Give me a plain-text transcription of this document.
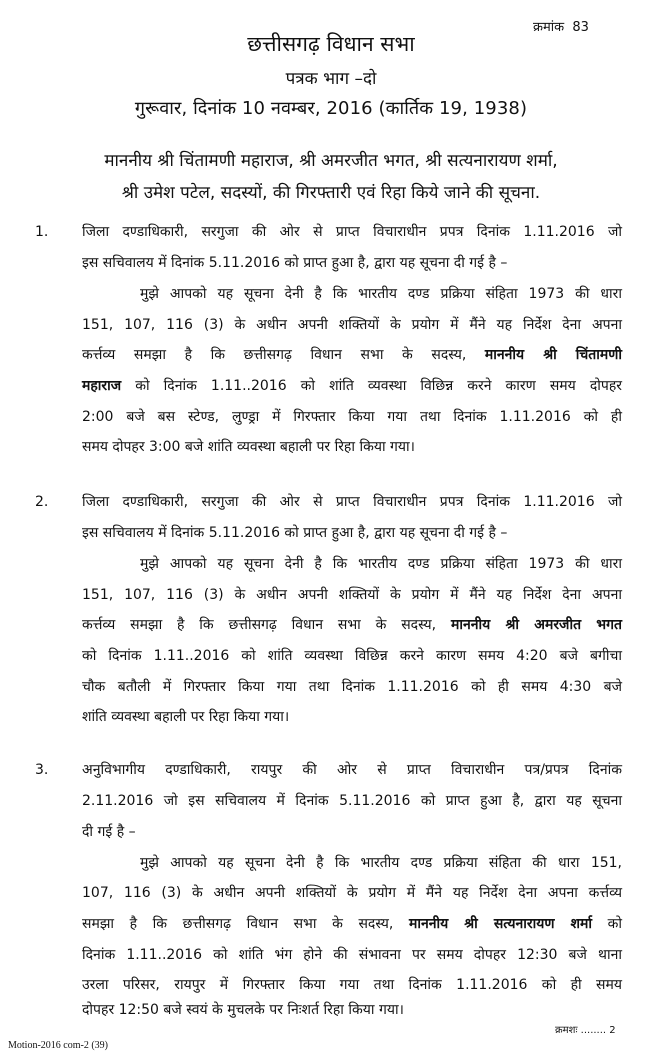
क्रमांक 83
छत्तीसगढ़ विधान सभा
पत्रक भाग –दो
गुरूवार, दिनांक 10 नवम्बर, 2016 (कार्तिक 19, 1938)
माननीय श्री चिंतामणी महाराज, श्री अमरजीत भगत, श्री सत्यनारायण शर्मा,
श्री उमेश पटेल, सदस्यों, की गिरफ्तारी एवं रिहा किये जाने की सूचना.
1. जिला दण्डाधिकारी, सरगुजा की ओर से प्राप्त विचाराधीन प्रपत्र दिनांक 1.11.2016 जो
इस सचिवालय में दिनांक 5.11.2016 को प्राप्त हुआ है, द्वारा यह सूचना दी गई है –
मुझे आपको यह सूचना देनी है कि भारतीय दण्ड प्रक्रिया संहिता 1973 की धारा
151, 107, 116 (3) के अधीन अपनी शक्तियों के प्रयोग में मैंने यह निर्देश देना अपना
कर्त्तव्य समझा है कि छत्तीसगढ़ विधान सभा के सदस्य, माननीय श्री चिंतामणी
महाराज को दिनांक 1.11..2016 को शांति व्यवस्था विछिन्न करने कारण समय दोपहर
2:00 बजे बस स्टेण्ड, लुण्ड्रा में गिरफ्तार किया गया तथा दिनांक 1.11.2016 को ही
समय दोपहर 3:00 बजे शांति व्यवस्था बहाली पर रिहा किया गया।
2. जिला दण्डाधिकारी, सरगुजा की ओर से प्राप्त विचाराधीन प्रपत्र दिनांक 1.11.2016 जो
इस सचिवालय में दिनांक 5.11.2016 को प्राप्त हुआ है, द्वारा यह सूचना दी गई है –
मुझे आपको यह सूचना देनी है कि भारतीय दण्ड प्रक्रिया संहिता 1973 की धारा
151, 107, 116 (3) के अधीन अपनी शक्तियों के प्रयोग में मैंने यह निर्देश देना अपना
कर्त्तव्य समझा है कि छत्तीसगढ़ विधान सभा के सदस्य, माननीय श्री अमरजीत भगत
को दिनांक 1.11..2016 को शांति व्यवस्था विछिन्न करने कारण समय 4:20 बजे बगीचा
चौक बतौली में गिरफ्तार किया गया तथा दिनांक 1.11.2016 को ही समय 4:30 बजे
शांति व्यवस्था बहाली पर रिहा किया गया।
3. अनुविभागीय दण्डाधिकारी, रायपुर की ओर से प्राप्त विचाराधीन पत्र/प्रपत्र दिनांक
2.11.2016 जो इस सचिवालय में दिनांक 5.11.2016 को प्राप्त हुआ है, द्वारा यह सूचना
दी गई है –
मुझे आपको यह सूचना देनी है कि भारतीय दण्ड प्रक्रिया संहिता की धारा 151,
107, 116 (3) के अधीन अपनी शक्तियों के प्रयोग में मैंने यह निर्देश देना अपना कर्त्तव्य
समझा है कि छत्तीसगढ़ विधान सभा के सदस्य, माननीय श्री सत्यनारायण शर्मा को
दिनांक 1.11..2016 को शांति भंग होने की संभावना पर समय दोपहर 12:30 बजे थाना
उरला परिसर, रायपुर में गिरफ्तार किया गया तथा दिनांक 1.11.2016 को ही समय
दोपहर 12:50 बजे स्वयं के मुचलके पर निःशर्त रिहा किया गया।
क्रमशः ........ 2
Motion-2016 com-2 (39)
